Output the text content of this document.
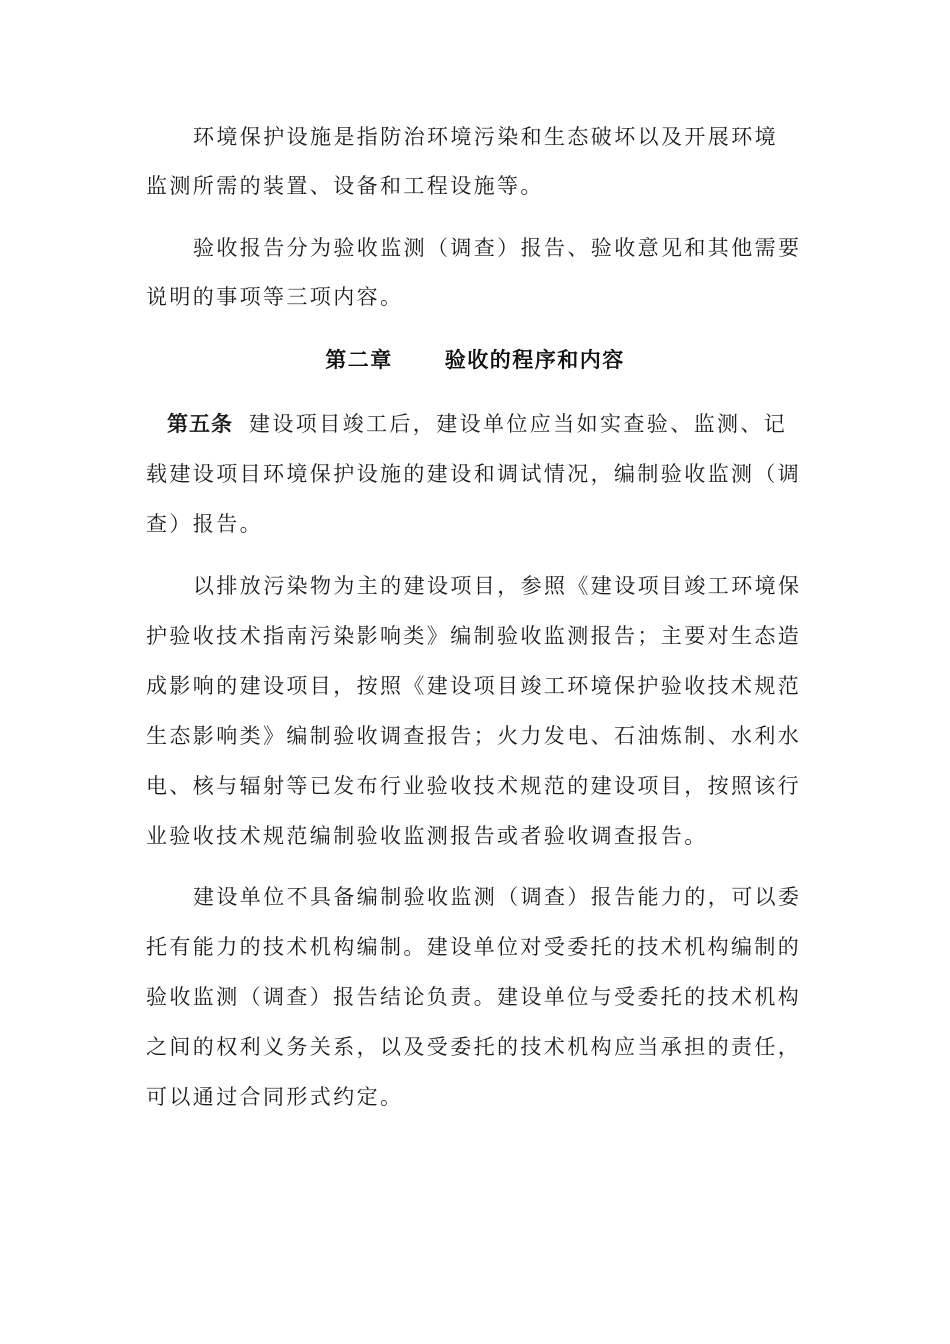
环境保护设施是指防治环境污染和生态破坏以及开展环境
监测所需的装置、设备和工程设施等。
验收报告分为验收监测（调查）报告、验收意见和其他需要
说明的事项等三项内容。
第二章 验收的程序和内容
第五条 建设项目竣工后，建设单位应当如实查验、监测、记
载建设项目环境保护设施的建设和调试情况，编制验收监测（调
查）报告。
以排放污染物为主的建设项目，参照《建设项目竣工环境保
护验收技术指南污染影响类》编制验收监测报告；主要对生态造
成影响的建设项目，按照《建设项目竣工环境保护验收技术规范
生态影响类》编制验收调查报告；火力发电、石油炼制、水利水
电、核与辐射等已发布行业验收技术规范的建设项目，按照该行
业验收技术规范编制验收监测报告或者验收调查报告。
建设单位不具备编制验收监测（调查）报告能力的，可以委
托有能力的技术机构编制。建设单位对受委托的技术机构编制的
验收监测（调查）报告结论负责。建设单位与受委托的技术机构
之间的权利义务关系，以及受委托的技术机构应当承担的责任，
可以通过合同形式约定。
